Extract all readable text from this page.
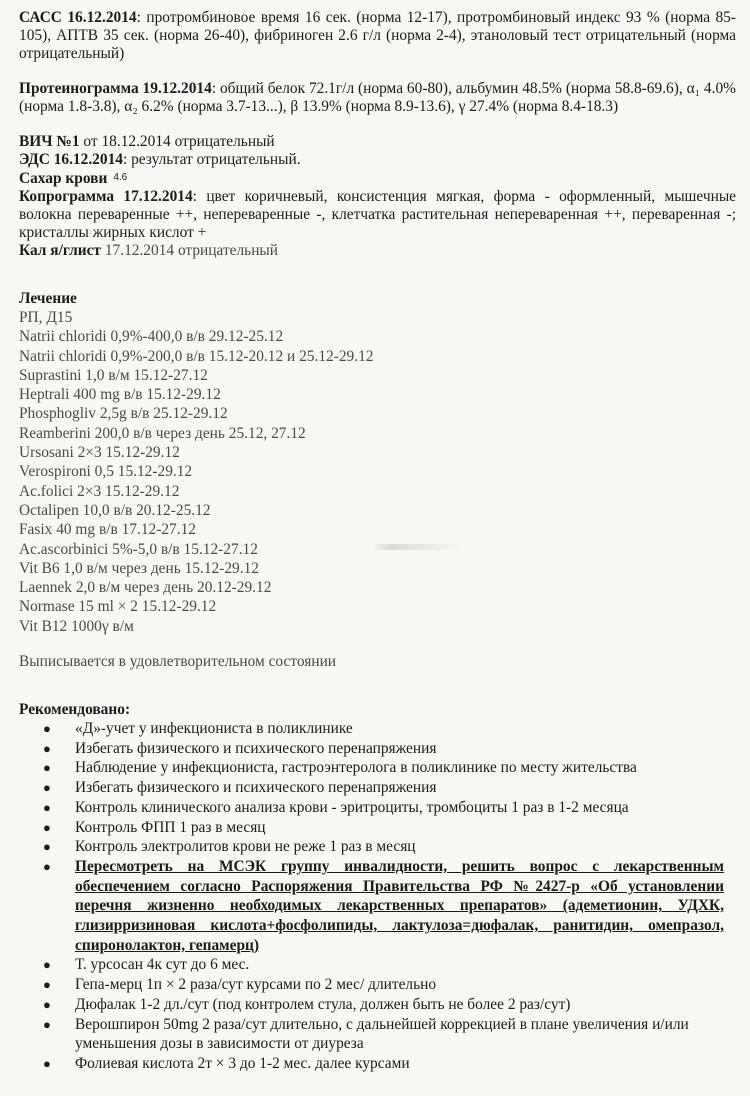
САСС 16.12.2014: протромбиновое время 16 сек. (норма 12-17), протромбиновый индекс 93 % (норма 85-105), АПТВ 35 сек. (норма 26-40), фибриноген 2.6 г/л (норма 2-4), этаноловый тест отрицательный (норма отрицательный)

Протеинограмма 19.12.2014: общий белок 72.1г/л (норма 60-80), альбумин 48.5% (норма 58.8-69.6), α₁ 4.0% (норма 1.8-3.8), α₂ 6.2% (норма 3.7-13...), β 13.9% (норма 8.9-13.6), γ 27.4% (норма 8.4-18.3)

ВИЧ №1 от 18.12.2014 отрицательный

ЭДС 16.12.2014: результат отрицательный.

Сахар крови 4.6

Копрограмма 17.12.2014: цвет коричневый, консистенция мягкая, форма - оформленный, мышечные волокна переваренные ++, непереваренные -, клетчатка растительная непереваренная ++, переваренная -; кристаллы жирных кислот +

Кал я/глист 17.12.2014 отрицательный

Лечение

РП, Д15
Natrii chloridi 0,9%-400,0 в/в 29.12-25.12
Natrii chloridi 0,9%-200,0 в/в 15.12-20.12 и 25.12-29.12
Suprastini 1,0 в/м 15.12-27.12
Heptrali 400 mg в/в 15.12-29.12
Phosphogliv 2,5g в/в 25.12-29.12
Reamberini 200,0 в/в через день 25.12, 27.12
Ursosani 2×3 15.12-29.12
Verospironi 0,5 15.12-29.12
Ac.folici 2×3 15.12-29.12
Octalipen 10,0 в/в 20.12-25.12
Fasix 40 mg в/в 17.12-27.12
Ac.ascorbinici 5%-5,0 в/в 15.12-27.12
Vit B6 1,0 в/м через день 15.12-29.12
Laennek 2,0 в/м через день 20.12-29.12
Normase 15 ml × 2 15.12-29.12
Vit B12 1000γ в/м

Выписывается в удовлетворительном состоянии

Рекомендовано:

● «Д»-учет у инфекциониста в поликлинике
● Избегать физического и психического перенапряжения
● Наблюдение у инфекциониста, гастроэнтеролога в поликлинике по месту жительства
● Избегать физического и психического перенапряжения
● Контроль клинического анализа крови - эритроциты, тромбоциты 1 раз в 1-2 месяца
● Контроль ФПП 1 раз в месяц
● Контроль электролитов крови не реже 1 раз в месяц
● Пересмотреть на МСЭК группу инвалидности, решить вопрос с лекарственным обеспечением согласно Распоряжения Правительства РФ №2427-р «Об установлении перечня жизненно необходимых лекарственных препаратов» (адеметионин, УДХК, глизирризиновая кислота+фосфолипиды, лактулоза=дюфалак, ранитидин, омепразол, спиронолактон, гепамерц)
● Т. урсосан 4к сут до 6 мес.
● Гепа-мерц 1п × 2 раза/сут курсами по 2 мес/ длительно
● Дюфалак 1-2 дл./сут (под контролем стула, должен быть не более 2 раз/сут)
● Верошпирон 50mg 2 раза/сут длительно, с дальнейшей коррекцией в плане увеличения и/или уменьшения дозы в зависимости от диуреза
● Фолиевая кислота 2т × 3 до 1-2 мес. далее курсами
